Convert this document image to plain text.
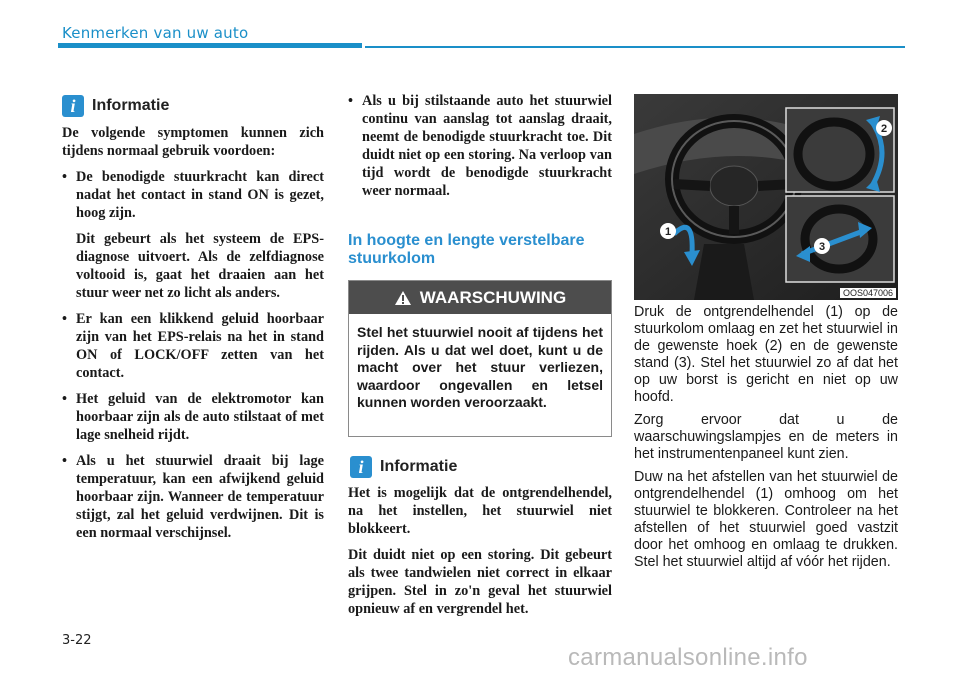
Kenmerken van uw auto
i	Informatie

De volgende symptomen kunnen zich tijdens normaal gebruik voordoen:

• De benodigde stuurkracht kan direct nadat het contact in stand ON is gezet, hoog zijn.

Dit gebeurt als het systeem de EPS-diagnose uitvoert. Als de zelfdiagnose voltooid is, gaat het draaien aan het stuur weer net zo licht als anders.

• Er kan een klikkend geluid hoorbaar zijn van het EPS-relais na het in stand ON of LOCK/OFF zetten van het contact.
• Het geluid van de elektromotor kan hoorbaar zijn als de auto stilstaat of met lage snelheid rijdt.
• Als u het stuurwiel draait bij lage temperatuur, kan een afwijkend geluid hoorbaar zijn. Wanneer de temperatuur stijgt, zal het geluid verdwijnen. Dit is een normaal verschijnsel.
• Als u bij stilstaande auto het stuurwiel continu van aanslag tot aanslag draait, neemt de benodigde stuurkracht toe. Dit duidt niet op een storing. Na verloop van tijd wordt de benodigde stuurkracht weer normaal.
In hoogte en lengte verstelbare stuurkolom
WAARSCHUWING
Stel het stuurwiel nooit af tijdens het rijden. Als u dat wel doet, kunt u de macht over het stuur verliezen, waardoor ongevallen en letsel kunnen worden veroorzaakt.
i	Informatie

Het is mogelijk dat de ontgrendelhendel, na het instellen, het stuurwiel niet blokkeert.

Dit duidt niet op een storing. Dit gebeurt als twee tandwielen niet correct in elkaar grijpen. Stel in zo'n geval het stuurwiel opnieuw af en vergrendel het.

1
2
3
OOS047006

Druk de ontgrendelhendel (1) op de stuurkolom omlaag en zet het stuurwiel in de gewenste hoek (2) en de gewenste stand (3). Stel het stuurwiel zo af dat het op uw borst is gericht en niet op uw hoofd.

Zorg ervoor dat u de waarschuwingslampjes en de meters in het instrumentenpaneel kunt zien.

Duw na het afstellen van het stuurwiel de ontgrendelhendel (1) omhoog om het stuurwiel te blokkeren. Controleer na het afstellen of het stuurwiel goed vastzit door het omhoog en omlaag te drukken. Stel het stuurwiel altijd af vóór het rijden.

3-22
carmanualsonline.info
